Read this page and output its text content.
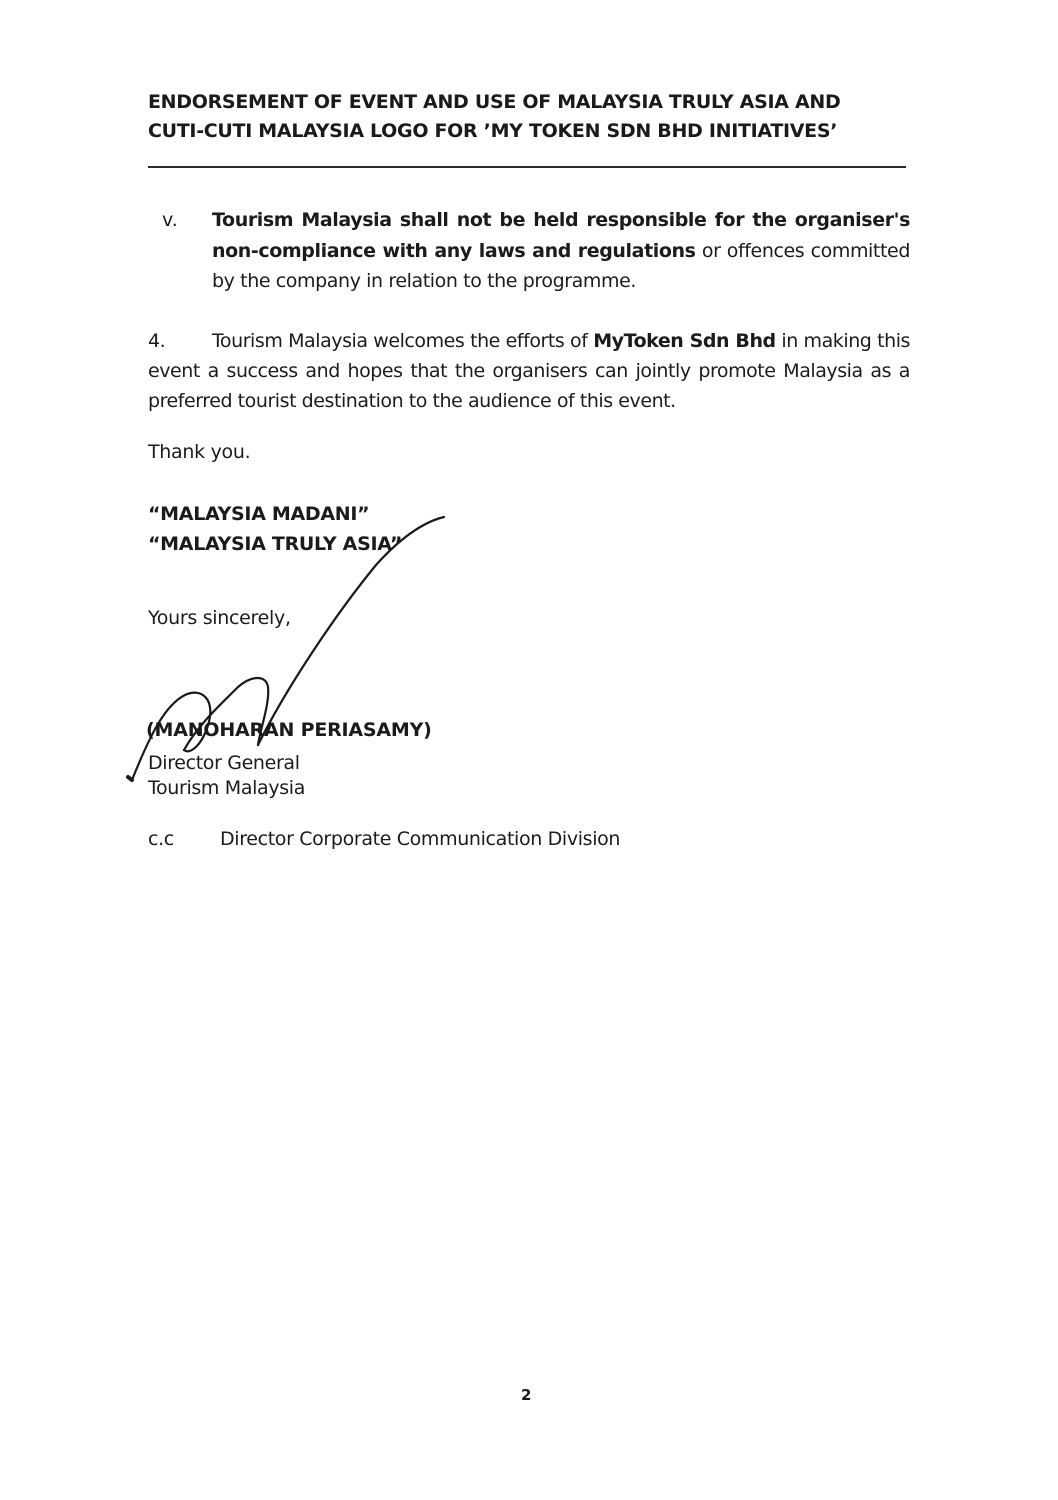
ENDORSEMENT OF EVENT AND USE OF MALAYSIA TRULY ASIA AND
CUTI-CUTI MALAYSIA LOGO FOR ’MY TOKEN SDN BHD INITIATIVES’
v. Tourism Malaysia shall not be held responsible for the organiser's non-compliance with any laws and regulations or offences committed by the company in relation to the programme.
4. Tourism Malaysia welcomes the efforts of MyToken Sdn Bhd in making this event a success and hopes that the organisers can jointly promote Malaysia as a preferred tourist destination to the audience of this event.
Thank you.
“MALAYSIA MADANI”
“MALAYSIA TRULY ASIA”
Yours sincerely,
(MANOHARAN PERIASAMY)
Director General
Tourism Malaysia
c.c Director Corporate Communication Division
2
